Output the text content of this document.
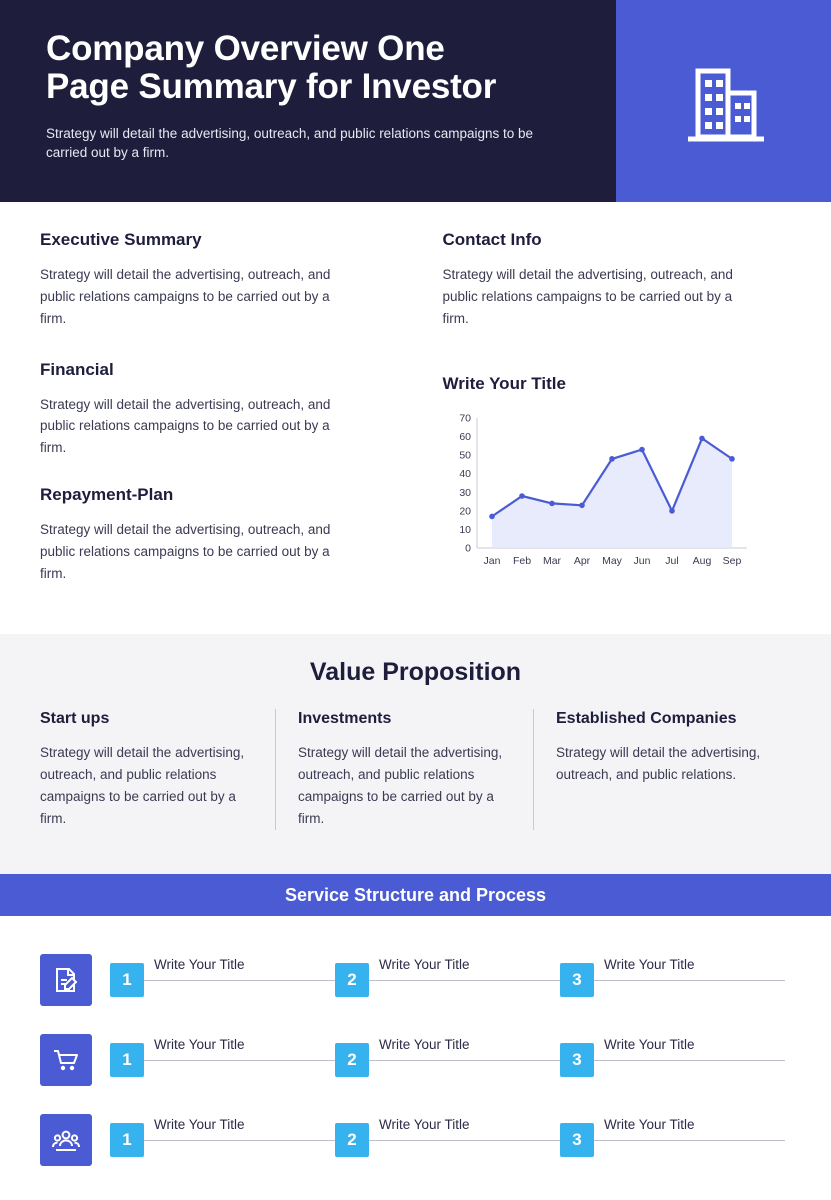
Company Overview One Page Summary for Investor
Strategy will detail the advertising, outreach, and public relations campaigns to be carried out by a firm.
Executive Summary
Strategy will detail the advertising, outreach, and public relations campaigns to be carried out by a firm.
Financial
Strategy will detail the advertising, outreach, and public relations campaigns to be carried out by a firm.
Repayment-Plan
Strategy will detail the advertising, outreach, and public relations campaigns to be carried out by a firm.
Contact Info
Strategy will detail the advertising, outreach, and public relations campaigns to be carried out by a firm.
Write Your Title
0
10
20
30
40
50
60
70
Jan Feb Mar Apr May Jun Jul Aug Sep
Value Proposition
Start ups

Strategy will detail the advertising, outreach, and public relations campaigns to be carried out by a firm.

Investments

Strategy will detail the advertising, outreach, and public relations campaigns to be carried out by a firm.

Established Companies

Strategy will detail the advertising, outreach, and public relations.

Service Structure and Process
1
Write Your Title
2
Write Your Title
3
Write Your Title
1
Write Your Title
2
Write Your Title
3
Write Your Title
1
Write Your Title
2
Write Your Title
3
Write Your Title
